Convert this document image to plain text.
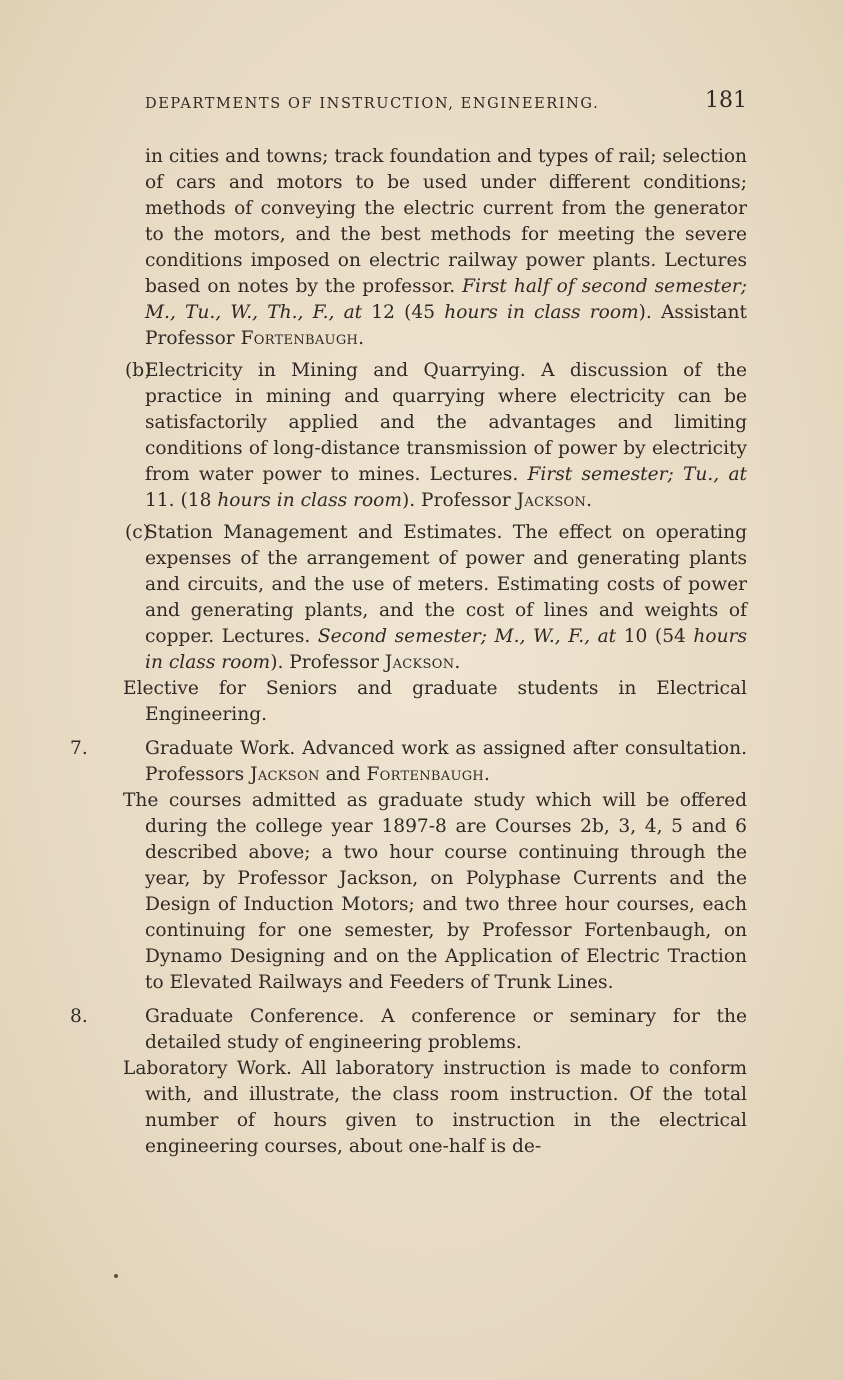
DEPARTMENTS OF INSTRUCTION, ENGINEERING.	181

in cities and towns; track foundation and types of rail; selection of cars and motors to be used under different conditions; methods of conveying the electric current from the generator to the motors, and the best methods for meeting the severe conditions imposed on electric railway power plants. Lectures based on notes by the professor. First half of second semester; M., Tu., W., Th., F., at 12 (45 hours in class room). Assistant Professor Fortenbaugh.

(b)
Electricity in Mining and Quarrying. A discussion of the practice in mining and quarrying where electricity can be satisfactorily applied and the advantages and limiting conditions of long-distance transmission of power by electricity from water power to mines. Lectures. First semester; Tu., at 11. (18 hours in class room). Professor Jackson.

(c)
Station Management and Estimates. The effect on operating expenses of the arrangement of power and generating plants and circuits, and the use of meters. Estimating costs of power and generating plants, and the cost of lines and weights of copper. Lectures. Second semester; M., W., F., at 10 (54 hours in class room). Professor Jackson.

Elective for Seniors and graduate students in Electrical Engineering.

7.	Graduate Work. Advanced work as assigned after consultation. Professors Jackson and Fortenbaugh.

The courses admitted as graduate study which will be offered during the college year 1897-8 are Courses 2b, 3, 4, 5 and 6 described above; a two hour course continuing through the year, by Professor Jackson, on Polyphase Currents and the Design of Induction Motors; and two three hour courses, each continuing for one semester, by Professor Fortenbaugh, on Dynamo Designing and on the Application of Electric Traction to Elevated Railways and Feeders of Trunk Lines.

8.	Graduate Conference. A conference or seminary for the detailed study of engineering problems.

Laboratory Work. All laboratory instruction is made to conform with, and illustrate, the class room instruction. Of the total number of hours given to instruction in the electrical engineering courses, about one-half is de-
